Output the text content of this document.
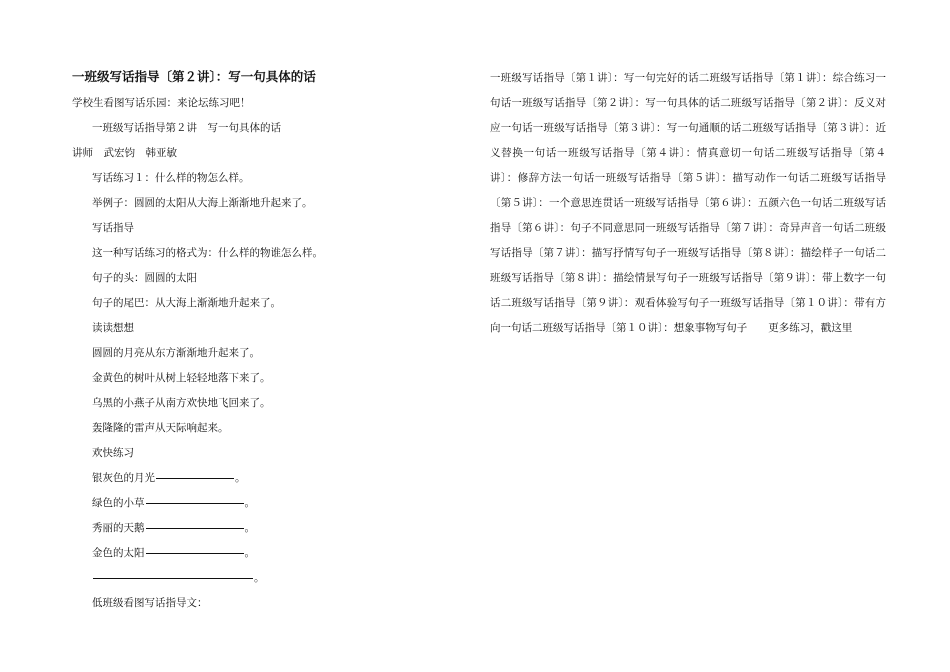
一班级写话指导〔第２讲〕：写一句具体的话
学校生看图写话乐园：来论坛练习吧！
一班级写话指导第２讲　写一句具体的话
讲师　武宏钧　韩亚敏
写话练习１：什么样的物怎么样。
举例子：圆圆的太阳从大海上渐渐地升起来了。
写话指导
这一种写话练习的格式为：什么样的物谁怎么样。
句子的头：圆圆的太阳
句子的尾巴：从大海上渐渐地升起来了。
读读想想
圆圆的月亮从东方渐渐地升起来了。
金黄色的树叶从树上轻轻地落下来了。
乌黑的小燕子从南方欢快地飞回来了。
轰隆隆的雷声从天际响起来。
欢快练习
银灰色的月光	。
绿色的小草	。
秀丽的天鹅	。
金色的太阳	。
。
低班级看图写话指导文：
一班级写话指导〔第１讲〕：写一句完好的话二班级写话指导〔第１讲〕：综合练习一句话一班级写话指导〔第２讲〕：写一句具体的话二班级写话指导〔第２讲〕：反义对应一句话一班级写话指导〔第３讲〕：写一句通顺的话二班级写话指导〔第３讲〕：近义替换一句话一班级写话指导〔第４讲〕：情真意切一句话二班级写话指导〔第４讲〕：修辞方法一句话一班级写话指导〔第５讲〕：描写动作一句话二班级写话指导〔第５讲〕：一个意思连贯话一班级写话指导〔第６讲〕：五颜六色一句话二班级写话指导〔第６讲〕：句子不同意思同一班级写话指导〔第７讲〕：奇异声音一句话二班级写话指导〔第７讲〕：描写抒情写句子一班级写话指导〔第８讲〕：描绘样子一句话二班级写话指导〔第８讲〕：描绘情景写句子一班级写话指导〔第９讲〕：带上数字一句话二班级写话指导〔第９讲〕：观看体验写句子一班级写话指导〔第１０讲〕：带有方向一句话二班级写话指导〔第１０讲〕：想象事物写句子　　更多练习，戳这里
